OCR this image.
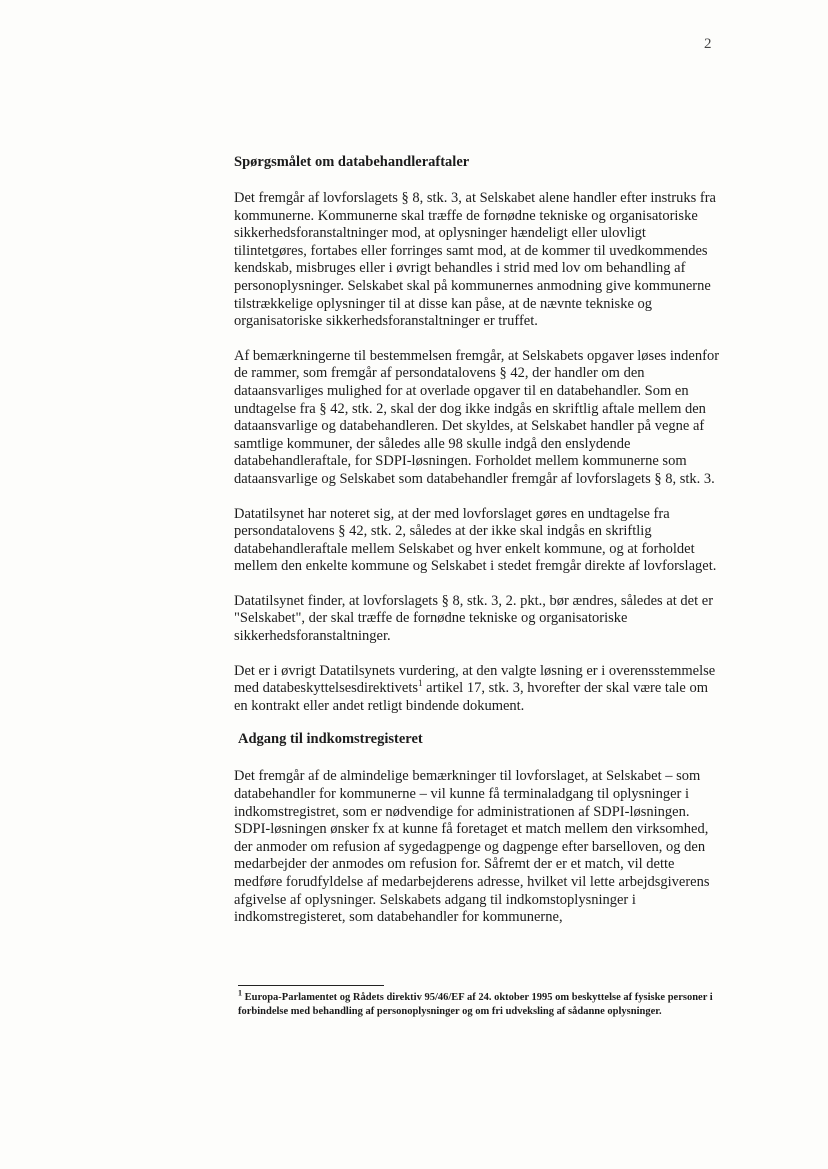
2
Spørgsmålet om databehandleraftaler

Det fremgår af lovforslagets § 8, stk. 3, at Selskabet alene handler efter instruks fra kommunerne. Kommunerne skal træffe de fornødne tekniske og organisatoriske sikkerhedsforanstaltninger mod, at oplysninger hændeligt eller ulovligt tilintetgøres, fortabes eller forringes samt mod, at de kommer til uvedkommendes kendskab, misbruges eller i øvrigt behandles i strid med lov om behandling af personoplysninger. Selskabet skal på kommunernes anmodning give kommunerne tilstrækkelige oplysninger til at disse kan påse, at de nævnte tekniske og organisatoriske sikkerhedsforanstaltninger er truffet.

Af bemærkningerne til bestemmelsen fremgår, at Selskabets opgaver løses indenfor de rammer, som fremgår af persondatalovens § 42, der handler om den dataansvarliges mulighed for at overlade opgaver til en databehandler. Som en undtagelse fra § 42, stk. 2, skal der dog ikke indgås en skriftlig aftale mellem den dataansvarlige og databehandleren. Det skyldes, at Selskabet handler på vegne af samtlige kommuner, der således alle 98 skulle indgå den enslydende databehandleraftale, for SDPI-løsningen. Forholdet mellem kommunerne som dataansvarlige og Selskabet som databehandler fremgår af lovforslagets § 8, stk. 3.

Datatilsynet har noteret sig, at der med lovforslaget gøres en undtagelse fra persondatalovens § 42, stk. 2, således at der ikke skal indgås en skriftlig databehandleraftale mellem Selskabet og hver enkelt kommune, og at forholdet mellem den enkelte kommune og Selskabet i stedet fremgår direkte af lovforslaget.

Datatilsynet finder, at lovforslagets § 8, stk. 3, 2. pkt., bør ændres, således at det er "Selskabet", der skal træffe de fornødne tekniske og organisatoriske sikkerhedsforanstaltninger.

Det er i øvrigt Datatilsynets vurdering, at den valgte løsning er i overensstemmelse med databeskyttelsesdirektivets$^1$ artikel 17, stk. 3, hvorefter der skal være tale om en kontrakt eller andet retligt bindende dokument.

Adgang til indkomstregisteret

Det fremgår af de almindelige bemærkninger til lovforslaget, at Selskabet – som databehandler for kommunerne – vil kunne få terminaladgang til oplysninger i indkomstregistret, som er nødvendige for administrationen af SDPI-løsningen. SDPI-løsningen ønsker fx at kunne få foretaget et match mellem den virksomhed, der anmoder om refusion af sygedagpenge og dagpenge efter barselloven, og den medarbejder der anmodes om refusion for. Såfremt der er et match, vil dette medføre forudfyldelse af medarbejderens adresse, hvilket vil lette arbejdsgiverens afgivelse af oplysninger. Selskabets adgang til indkomstoplysninger i indkomstregisteret, som databehandler for kommunerne,

$^1$ Europa-Parlamentet og Rådets direktiv 95/46/EF af 24. oktober 1995 om beskyttelse af fysiske personer i forbindelse med behandling af personoplysninger og om fri udveksling af sådanne oplysninger.
